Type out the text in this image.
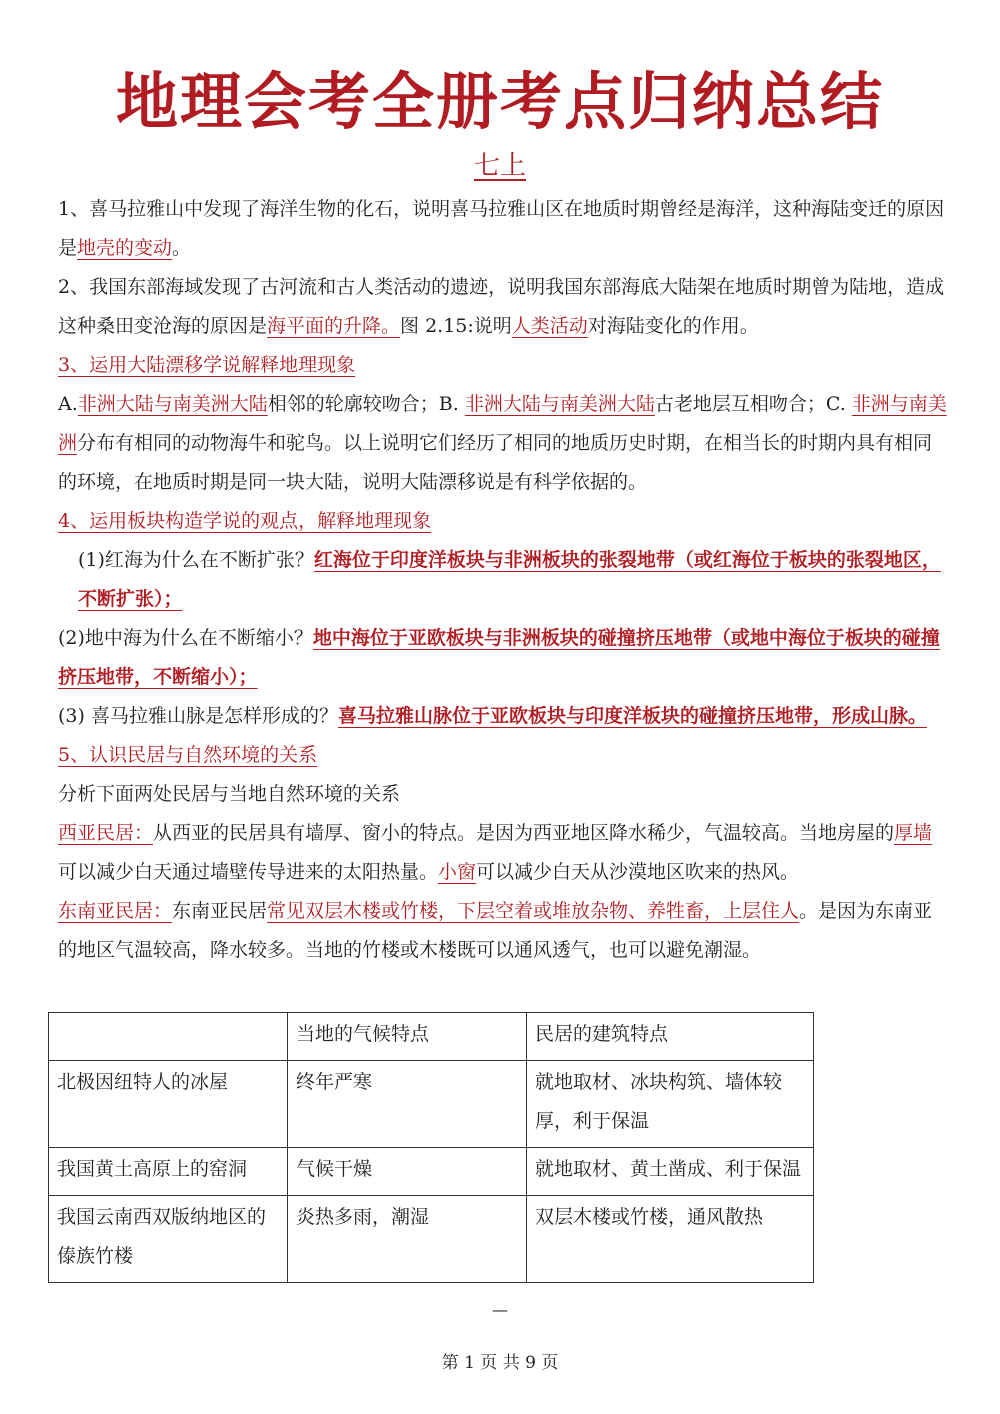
地理会考全册考点归纳总结
七上

1、喜马拉雅山中发现了海洋生物的化石，说明喜马拉雅山区在地质时期曾经是海洋，这种海陆变迁的原因是地壳的变动。

2、我国东部海域发现了古河流和古人类活动的遗迹，说明我国东部海底大陆架在地质时期曾为陆地，造成这种桑田变沧海的原因是海平面的升降。图 2.15:说明人类活动对海陆变化的作用。

3、运用大陆漂移学说解释地理现象

A.非洲大陆与南美洲大陆相邻的轮廓较吻合；B. 非洲大陆与南美洲大陆古老地层互相吻合；C. 非洲与南美洲分布有相同的动物海牛和驼鸟。以上说明它们经历了相同的地质历史时期，在相当长的时期内具有相同的环境，在地质时期是同一块大陆，说明大陆漂移说是有科学依据的。

4、运用板块构造学说的观点，解释地理现象

(1)红海为什么在不断扩张？红海位于印度洋板块与非洲板块的张裂地带（或红海位于板块的张裂地区，不断扩张）；

(2)地中海为什么在不断缩小？地中海位于亚欧板块与非洲板块的碰撞挤压地带（或地中海位于板块的碰撞挤压地带，不断缩小）；

(3) 喜马拉雅山脉是怎样形成的？喜马拉雅山脉位于亚欧板块与印度洋板块的碰撞挤压地带，形成山脉。

5、认识民居与自然环境的关系

分析下面两处民居与当地自然环境的关系

西亚民居：从西亚的民居具有墙厚、窗小的特点。是因为西亚地区降水稀少，气温较高。当地房屋的厚墙可以减少白天通过墙壁传导进来的太阳热量。小窗可以减少白天从沙漠地区吹来的热风。

东南亚民居：东南亚民居常见双层木楼或竹楼，下层空着或堆放杂物、养牲畜，上层住人。是因为东南亚的地区气温较高，降水较多。当地的竹楼或木楼既可以通风透气，也可以避免潮湿。

	当地的气候特点	民居的建筑特点
北极因纽特人的冰屋	终年严寒	就地取材、冰块构筑、墙体较厚，利于保温
我国黄土高原上的窑洞	气候干燥	就地取材、黄土凿成、利于保温
我国云南西双版纳地区的傣族竹楼	炎热多雨，潮湿	双层木楼或竹楼，通风散热
—
第 1 页 共 9 页
